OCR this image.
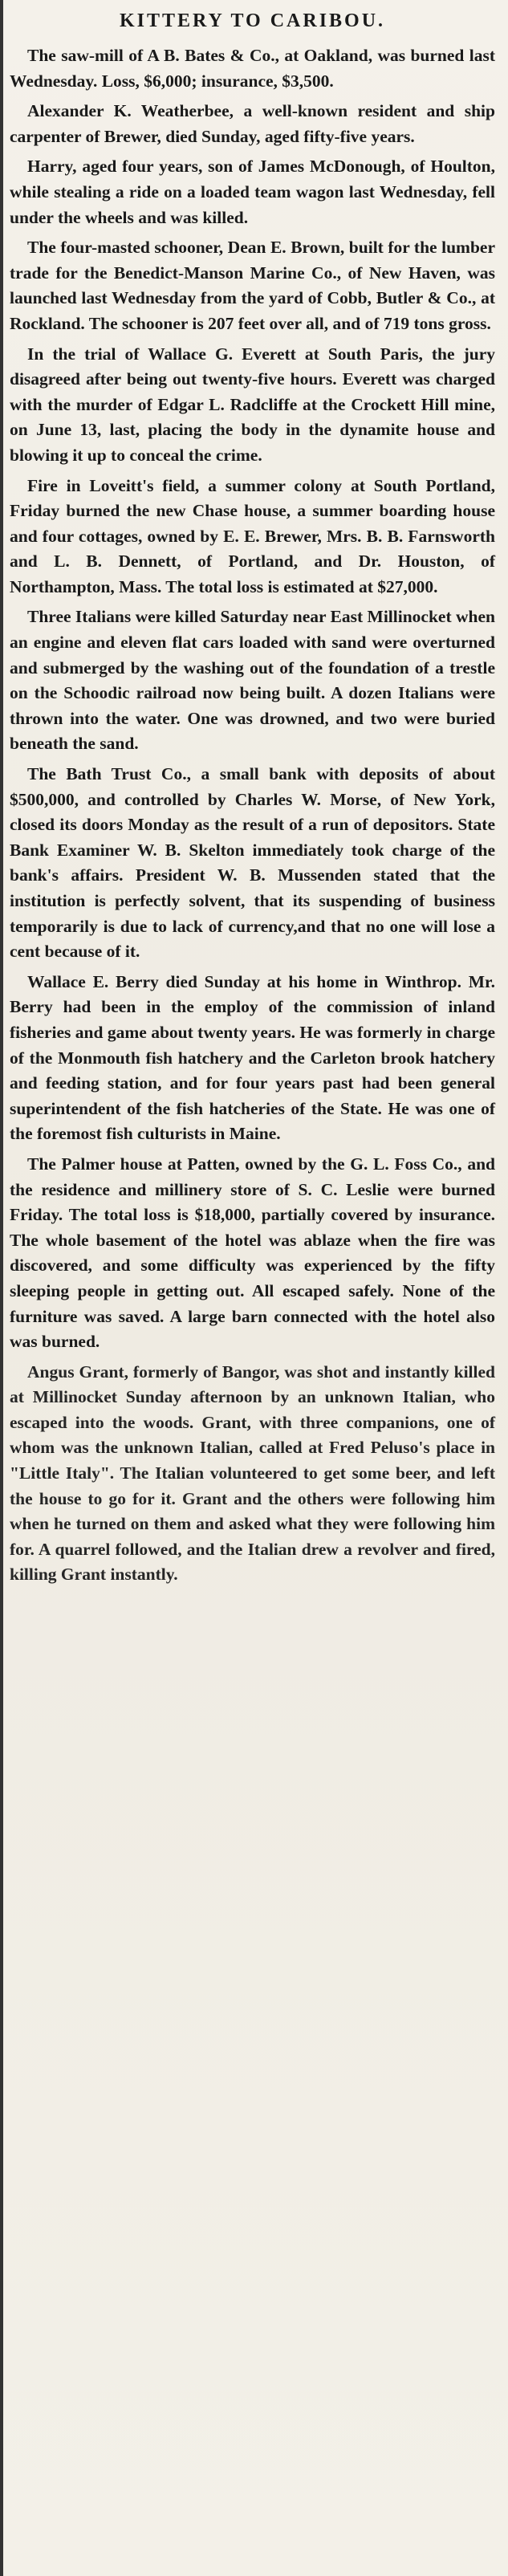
KITTERY TO CARIBOU.

The saw-mill of A B. Bates & Co., at Oakland, was burned last Wednesday. Loss, $6,000; insurance, $3,500.

Alexander K. Weatherbee, a well-known resident and ship carpenter of Brewer, died Sunday, aged fifty-five years.

Harry, aged four years, son of James McDonough, of Houlton, while stealing a ride on a loaded team wagon last Wednesday, fell under the wheels and was killed.

The four-masted schooner, Dean E. Brown, built for the lumber trade for the Benedict-Manson Marine Co., of New Haven, was launched last Wednesday from the yard of Cobb, Butler & Co., at Rockland. The schooner is 207 feet over all, and of 719 tons gross.

In the trial of Wallace G. Everett at South Paris, the jury disagreed after being out twenty-five hours. Everett was charged with the murder of Edgar L. Radcliffe at the Crockett Hill mine, on June 13, last, placing the body in the dynamite house and blowing it up to conceal the crime.

Fire in Loveitt's field, a summer colony at South Portland, Friday burned the new Chase house, a summer boarding house and four cottages, owned by E. E. Brewer, Mrs. B. B. Farnsworth and L. B. Dennett, of Portland, and Dr. Houston, of Northampton, Mass. The total loss is estimated at $27,000.

Three Italians were killed Saturday near East Millinocket when an engine and eleven flat cars loaded with sand were overturned and submerged by the washing out of the foundation of a trestle on the Schoodic railroad now being built. A dozen Italians were thrown into the water. One was drowned, and two were buried beneath the sand.

The Bath Trust Co., a small bank with deposits of about $500,000, and controlled by Charles W. Morse, of New York, closed its doors Monday as the result of a run of depositors. State Bank Examiner W. B. Skelton immediately took charge of the bank's affairs. President W. B. Mussenden stated that the institution is perfectly solvent, that its suspending of business temporarily is due to lack of currency,and that no one will lose a cent because of it.

Wallace E. Berry died Sunday at his home in Winthrop. Mr. Berry had been in the employ of the commission of inland fisheries and game about twenty years. He was formerly in charge of the Monmouth fish hatchery and the Carleton brook hatchery and feeding station, and for four years past had been general superintendent of the fish hatcheries of the State. He was one of the foremost fish culturists in Maine.

The Palmer house at Patten, owned by the G. L. Foss Co., and the residence and millinery store of S. C. Leslie were burned Friday. The total loss is $18,000, partially covered by insurance. The whole basement of the hotel was ablaze when the fire was discovered, and some difficulty was experienced by the fifty sleeping people in getting out. All escaped safely. None of the furniture was saved. A large barn connected with the hotel also was burned.

Angus Grant, formerly of Bangor, was shot and instantly killed at Millinocket Sunday afternoon by an unknown Italian, who escaped into the woods. Grant, with three companions, one of whom was the unknown Italian, called at Fred Peluso's place in "Little Italy". The Italian volunteered to get some beer, and left the house to go for it. Grant and the others were following him when he turned on them and asked what they were following him for. A quarrel followed, and the Italian drew a revolver and fired, killing Grant instantly.
